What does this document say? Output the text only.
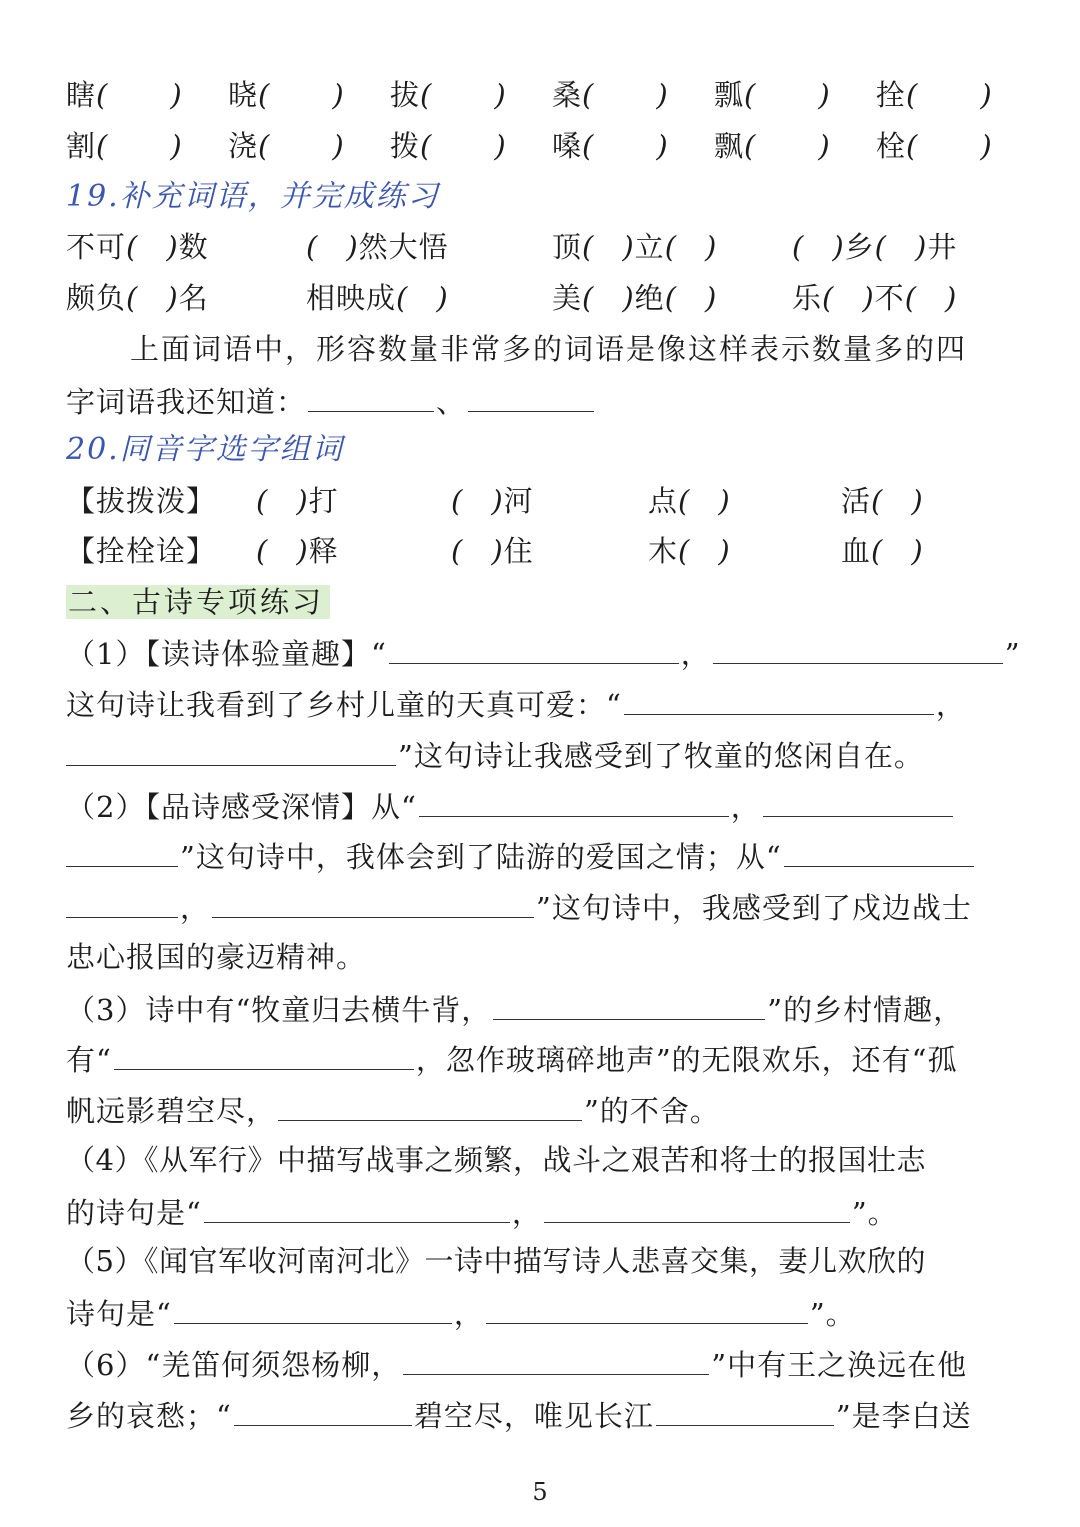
瞎( ) 晓( ) 拔( ) 桑( ) 瓢( ) 拴( )
割( ) 浇( ) 拨( ) 嗓( ) 飘( ) 栓( )
19.补充词语，并完成练习
不可( )数	( )然大悟	顶( )立( )	( )乡( )井
颇负( )名	相映成( )	美( )绝( )	乐( )不( )
上面词语中，形容数量非常多的词语是像这样表示数量多的四
字词语我还知道：	、
20.同音字选字组词
【拔拨泼】 ( )打	( )河	点( )	活( )
【拴栓诠】 ( )释	( )住	木( )	血( )
二、古诗专项练习
（1）【读诗体验童趣】“	，	”
这句诗让我看到了乡村儿童的天真可爱：“	，
”这句诗让我感受到了牧童的悠闲自在。
（2）【品诗感受深情】从“	，
”这句诗中，我体会到了陆游的爱国之情；从“
，	”这句诗中，我感受到了戍边战士
忠心报国的豪迈精神。
（3）诗中有“牧童归去横牛背，	”的乡村情趣，
有“	，忽作玻璃碎地声”的无限欢乐，还有“孤
帆远影碧空尽，	”的不舍。
（4）《从军行》中描写战事之频繁，战斗之艰苦和将士的报国壮志
的诗句是“	，	”。
（5）《闻官军收河南河北》一诗中描写诗人悲喜交集，妻儿欢欣的
诗句是“	，	”。
（6）“羌笛何须怨杨柳，	”中有王之涣远在他
乡的哀愁；“	碧空尽，唯见长江	”是李白送
5
